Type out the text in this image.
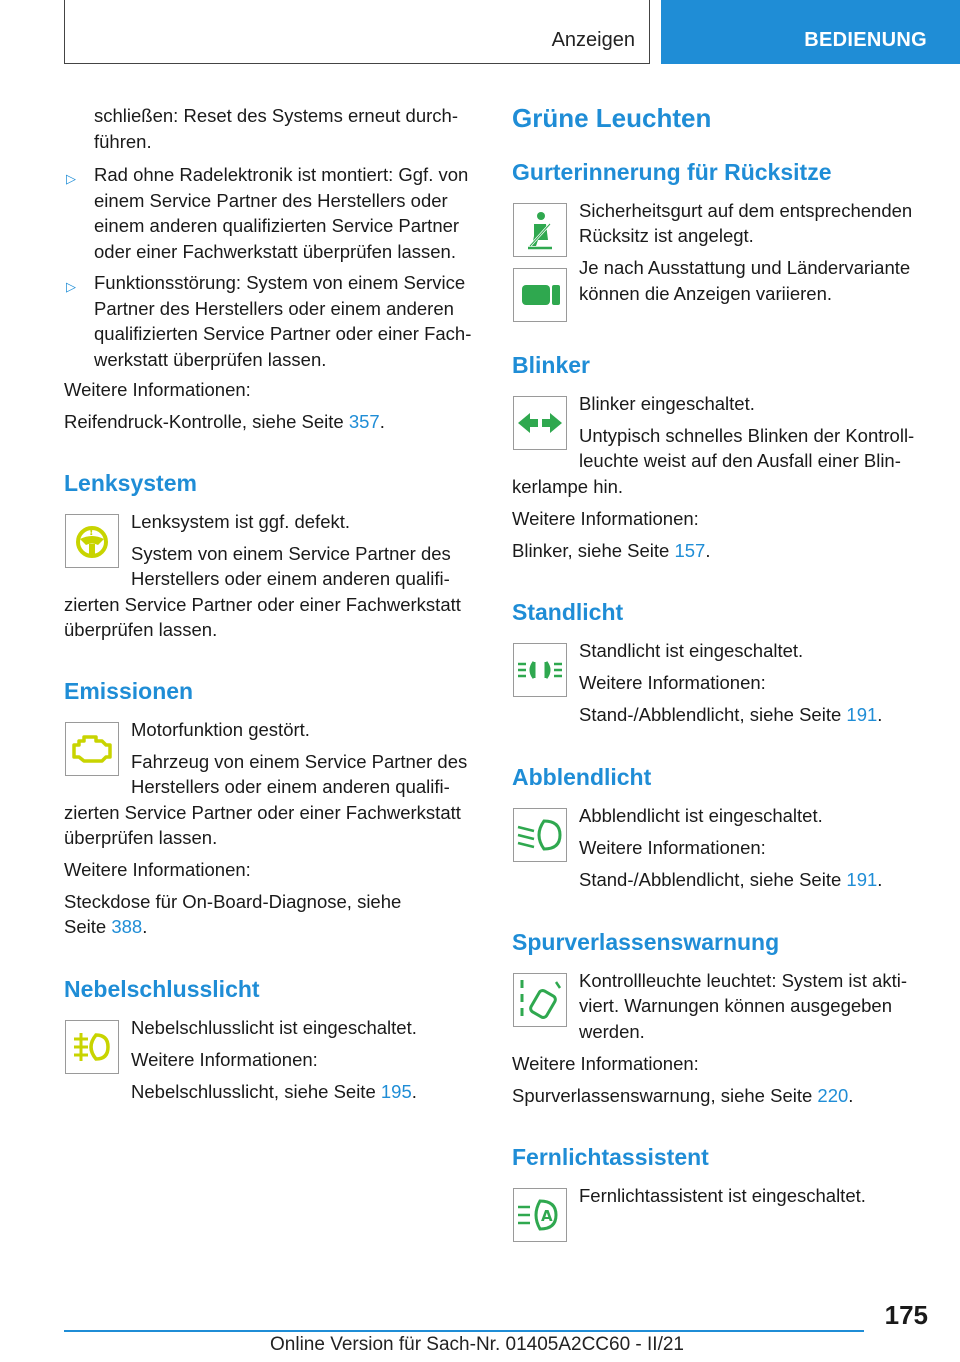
Anzeigen	BEDIENUNG

schließen: Reset des Systems erneut durch-

führen.

▷ Rad ohne Radelektronik ist montiert: Ggf. von
einem Service Partner des Herstellers oder
einem anderen qualifizierten Service Partner
oder einer Fachwerkstatt überprüfen lassen.
▷ Funktionsstörung: System von einem Service
Partner des Herstellers oder einem anderen
qualifizierten Service Partner oder einer Fach-
werkstatt überprüfen lassen.

Weitere Informationen:

Reifendruck-Kontrolle, siehe Seite 357.

Lenksystem
!

Lenksystem ist ggf. defekt.

System von einem Service Partner des

Herstellers oder einem anderen qualifi-

zierten Service Partner oder einer Fachwerkstatt

überprüfen lassen.

Emissionen

Motorfunktion gestört.

Fahrzeug von einem Service Partner des

Herstellers oder einem anderen qualifi-

zierten Service Partner oder einer Fachwerkstatt

überprüfen lassen.

Weitere Informationen:

Steckdose für On-Board-Diagnose, siehe

Seite 388.

Nebelschlusslicht

Nebelschlusslicht ist eingeschaltet.

Weitere Informationen:

Nebelschlusslicht, siehe Seite 195.

Grüne Leuchten
Gurterinnerung für Rücksitze

Sicherheitsgurt auf dem entsprechenden

Rücksitz ist angelegt.

Je nach Ausstattung und Ländervariante

können die Anzeigen variieren.

Blinker

Blinker eingeschaltet.

Untypisch schnelles Blinken der Kontroll-

leuchte weist auf den Ausfall einer Blin-

kerlampe hin.

Weitere Informationen:

Blinker, siehe Seite 157.

Standlicht

Standlicht ist eingeschaltet.

Weitere Informationen:

Stand-/Abblendlicht, siehe Seite 191.

Abblendlicht

Abblendlicht ist eingeschaltet.

Weitere Informationen:

Stand-/Abblendlicht, siehe Seite 191.

Spurverlassenswarnung

Kontrollleuchte leuchtet: System ist akti-

viert. Warnungen können ausgegeben

werden.

Weitere Informationen:

Spurverlassenswarnung, siehe Seite 220.

Fernlichtassistent
A

Fernlichtassistent ist eingeschaltet.

175
Online Version für Sach-Nr. 01405A2CC60 - II/21
